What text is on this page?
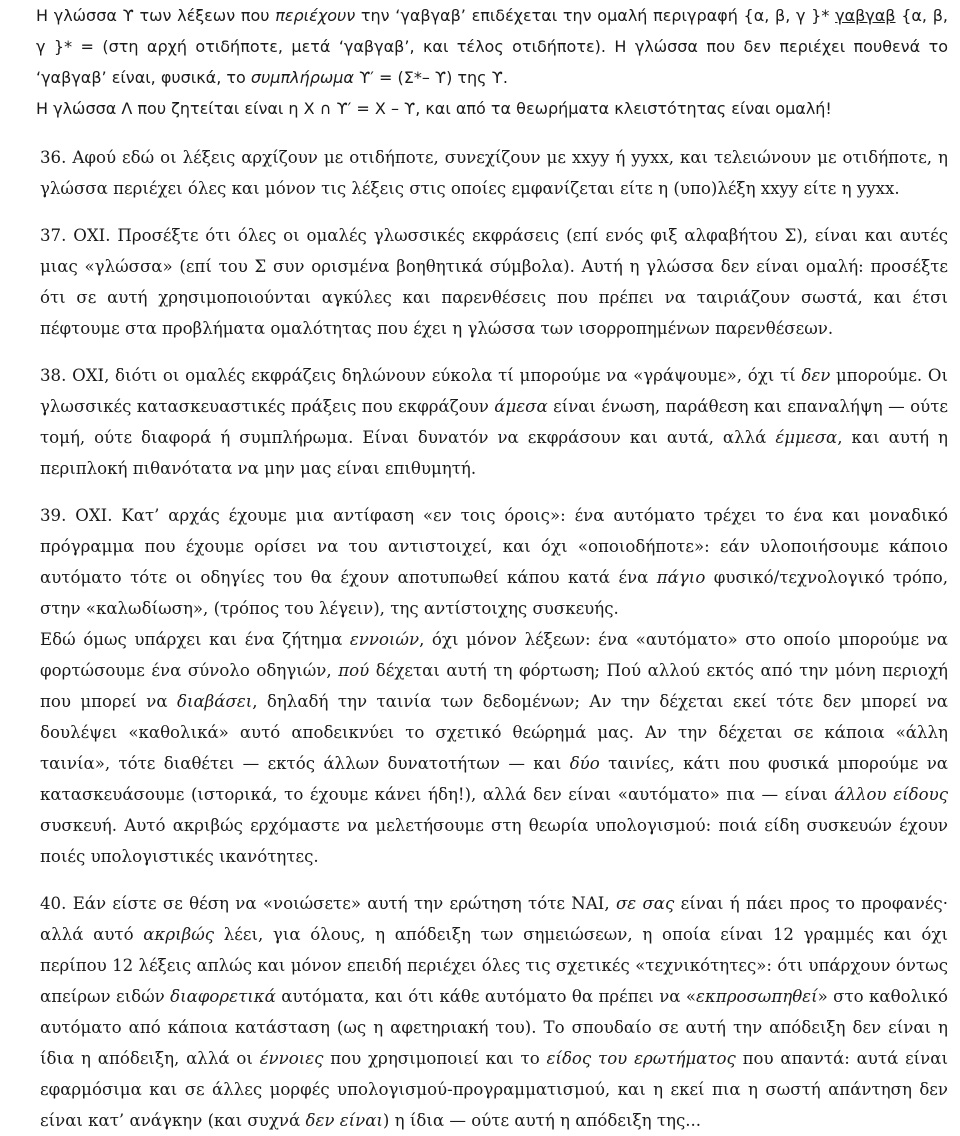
Η γλώσσα ϒ των λέξεων που περιέχουν την ‘γαβγαβ’ επιδέχεται την ομαλή περιγραφή {α, β, γ }* γαβγαβ {α, β, γ }* = (στη αρχή οτιδήποτε, μετά ‘γαβγαβ’, και τέλος οτιδήποτε). Η γλώσσα που δεν περιέχει πουθενά το ‘γαβγαβ’ είναι, φυσικά, το συμπλήρωμα ϒ′ = (Σ*– ϒ) της ϒ.
Η γλώσσα Λ που ζητείται είναι η Χ ∩ ϒ′ = Χ – ϒ, και από τα θεωρήματα κλειστότητας είναι ομαλή!

36. Αφού εδώ οι λέξεις αρχίζουν με οτιδήποτε, συνεχίζουν με xxyy ή yyxx, και τελειώνουν με οτιδήποτε, η γλώσσα περιέχει όλες και μόνον τις λέξεις στις οποίες εμφανίζεται είτε η (υπο)λέξη xxyy είτε η yyxx.

37. ΟΧΙ. Προσέξτε ότι όλες οι ομαλές γλωσσικές εκφράσεις (επί ενός φιξ αλφαβήτου Σ), είναι και αυτές μιας «γλώσσα» (επί του Σ συν ορισμένα βοηθητικά σύμβολα). Αυτή η γλώσσα δεν είναι ομαλή: προσέξτε ότι σε αυτή χρησιμοποιούνται αγκύλες και παρενθέσεις που πρέπει να ταιριάζουν σωστά, και έτσι πέφτουμε στα προβλήματα ομαλότητας που έχει η γλώσσα των ισορροπημένων παρενθέσεων.

38. ΟΧΙ, διότι οι ομαλές εκφράζεις δηλώνουν εύκολα τί μπορούμε να «γράψουμε», όχι τί δεν μπορούμε. Οι γλωσσικές κατασκευαστικές πράξεις που εκφράζουν άμεσα είναι ένωση, παράθεση και επαναλήψη — ούτε τομή, ούτε διαφορά ή συμπλήρωμα. Είναι δυνατόν να εκφράσουν και αυτά, αλλά έμμεσα, και αυτή η περιπλοκή πιθανότατα να μην μας είναι επιθυμητή.

39. ΟΧΙ. Κατ’ αρχάς έχουμε μια αντίφαση «εν τοις όροις»: ένα αυτόματο τρέχει το ένα και μοναδικό πρόγραμμα που έχουμε ορίσει να του αντιστοιχεί, και όχι «οποιοδήποτε»: εάν υλοποιήσουμε κάποιο αυτόματο τότε οι οδηγίες του θα έχουν αποτυπωθεί κάπου κατά ένα πάγιο φυσικό/τεχνολογικό τρόπο, στην «καλωδίωση», (τρόπος του λέγειν), της αντίστοιχης συσκευής.
Εδώ όμως υπάρχει και ένα ζήτημα εννοιών, όχι μόνον λέξεων: ένα «αυτόματο» στο οποίο μπορούμε να φορτώσουμε ένα σύνολο οδηγιών, πού δέχεται αυτή τη φόρτωση; Πού αλλού εκτός από την μόνη περιοχή που μπορεί να διαβάσει, δηλαδή την ταινία των δεδομένων; Αν την δέχεται εκεί τότε δεν μπορεί να δουλέψει «καθολικά» αυτό αποδεικνύει το σχετικό θεώρημά μας. Αν την δέχεται σε κάποια «άλλη ταινία», τότε διαθέτει — εκτός άλλων δυνατοτήτων — και δύο ταινίες, κάτι που φυσικά μπορούμε να κατασκευάσουμε (ιστορικά, το έχουμε κάνει ήδη!), αλλά δεν είναι «αυτόματο» πια — είναι άλλου είδους συσκευή. Αυτό ακριβώς ερχόμαστε να μελετήσουμε στη θεωρία υπολογισμού: ποιά είδη συσκευών έχουν ποιές υπολογιστικές ικανότητες.

40. Εάν είστε σε θέση να «νοιώσετε» αυτή την ερώτηση τότε ΝΑΙ, σε σας είναι ή πάει προς το προφανές· αλλά αυτό ακριβώς λέει, για όλους, η απόδειξη των σημειώσεων, η οποία είναι 12 γραμμές και όχι περίπου 12 λέξεις απλώς και μόνον επειδή περιέχει όλες τις σχετικές «τεχνικότητες»: ότι υπάρχουν όντως απείρων ειδών διαφορετικά αυτόματα, και ότι κάθε αυτόματο θα πρέπει να «εκπροσωπηθεί» στο καθολικό αυτόματο από κάποια κατάσταση (ως η αφετηριακή του). Το σπουδαίο σε αυτή την απόδειξη δεν είναι η ίδια η απόδειξη, αλλά οι έννοιες που χρησιμοποιεί και το είδος του ερωτήματος που απαντά: αυτά είναι εφαρμόσιμα και σε άλλες μορφές υπολογισμού-προγραμματισμού, και η εκεί πια η σωστή απάντηση δεν είναι κατ’ ανάγκην (και συχνά δεν είναι) η ίδια — ούτε αυτή η απόδειξη της...
